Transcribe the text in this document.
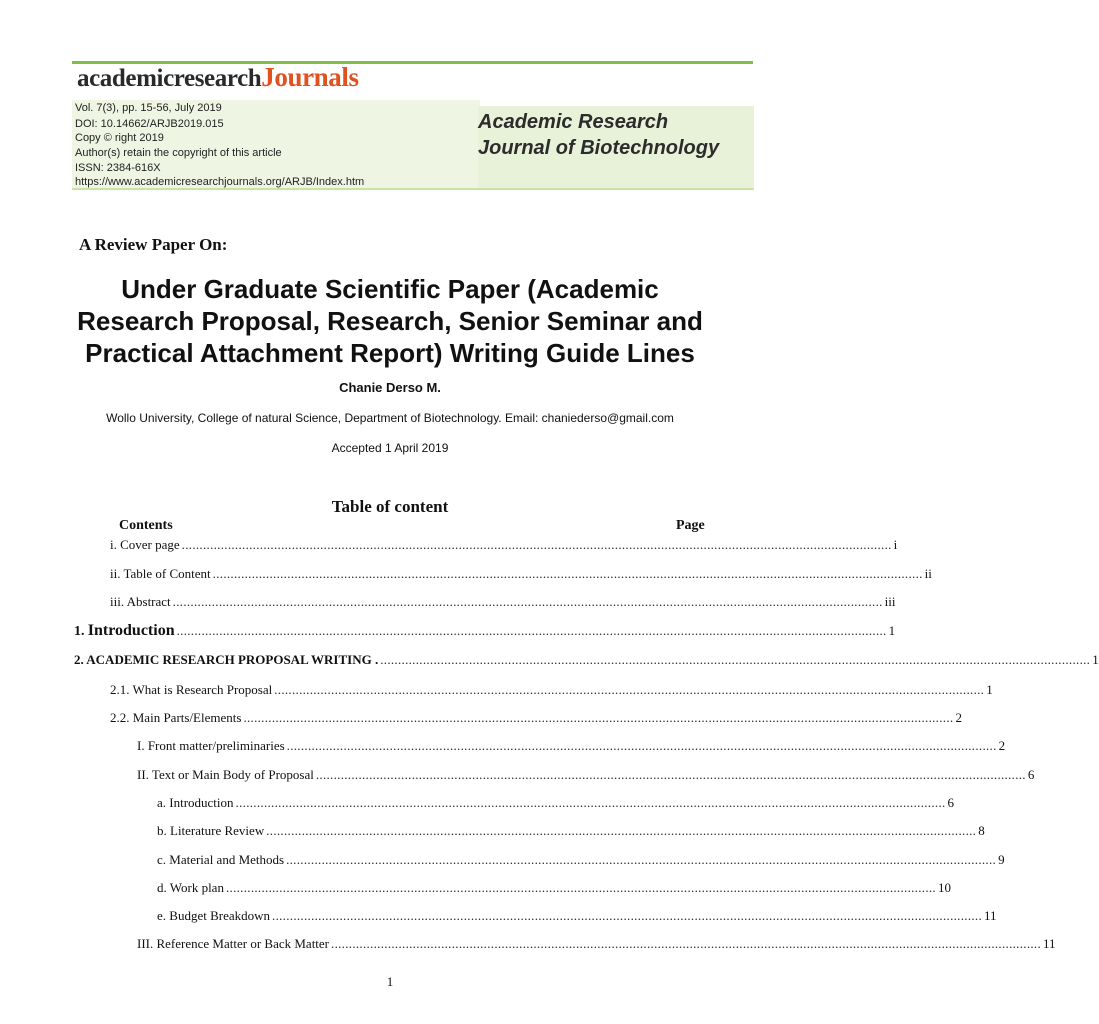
academicresearchJournals
Vol. 7(3), pp. 15-56, July 2019
DOI: 10.14662/ARJB2019.015
Copy © right 2019
Author(s) retain the copyright of this article
ISSN: 2384-616X
https://www.academicresearchjournals.org/ARJB/Index.htm
Academic Research
Journal of Biotechnology
A Review Paper On:
Under Graduate Scientific Paper (Academic
Research Proposal, Research, Senior Seminar and
Practical Attachment Report) Writing Guide Lines
Chanie Derso M.
Wollo University, College of natural Science, Department of Biotechnology. Email: chaniederso@gmail.com
Accepted 1 April 2019
Table of content
Contents	Page
i. Cover page ........................................................................................................................................................................................................ i
ii. Table of Content ........................................................................................................................................................................................................ ii
iii. Abstract ........................................................................................................................................................................................................ iii
1. Introduction ........................................................................................................................................................................................................ 1
2. ACADEMIC RESEARCH PROPOSAL WRITING . ........................................................................................................................................................................................................ 1
2.1. What is Research Proposal ........................................................................................................................................................................................................ 1
2.2. Main Parts/Elements ........................................................................................................................................................................................................ 2
I. Front matter/preliminaries ........................................................................................................................................................................................................ 2
II. Text or Main Body of Proposal ........................................................................................................................................................................................................ 6
a. Introduction ........................................................................................................................................................................................................ 6
b. Literature Review ........................................................................................................................................................................................................ 8
c. Material and Methods ........................................................................................................................................................................................................ 9
d. Work plan ........................................................................................................................................................................................................ 10
e. Budget Breakdown ........................................................................................................................................................................................................ 11
III. Reference Matter or Back Matter ........................................................................................................................................................................................................ 11
1
